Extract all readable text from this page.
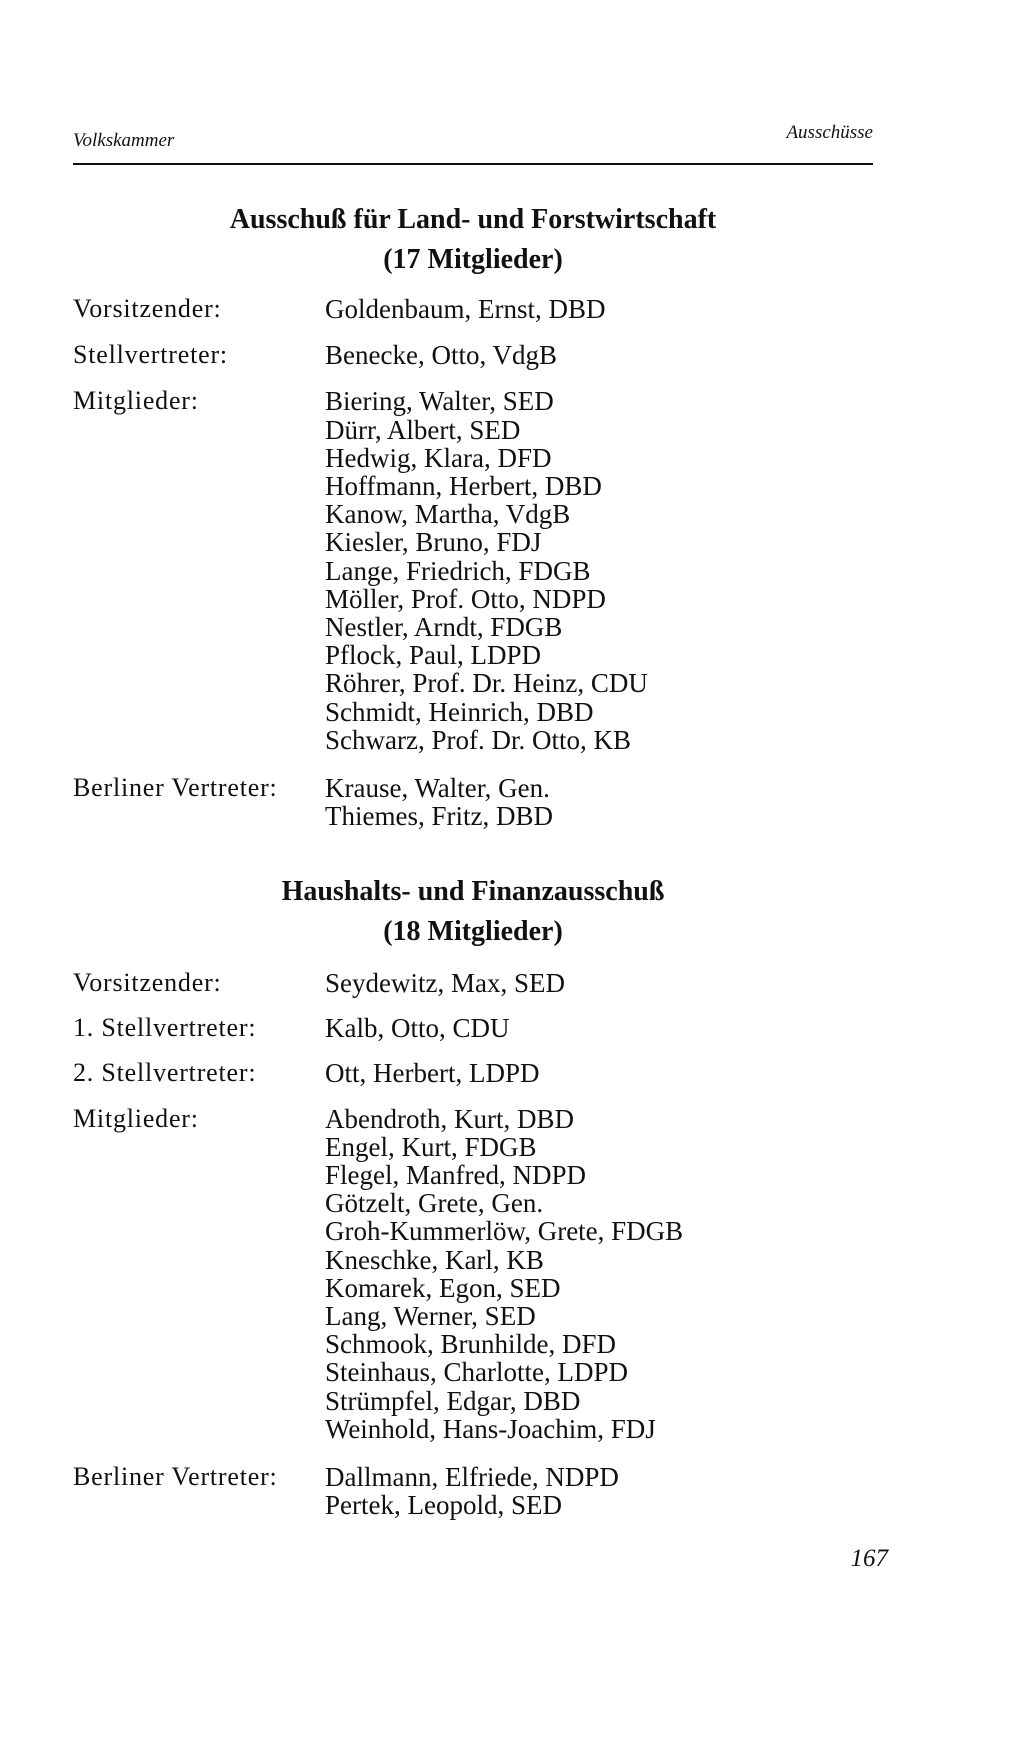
Volkskammer	Ausschüsse
Ausschuß für Land- und Forstwirtschaft
(17 Mitglieder)
Vorsitzender:	Goldenbaum, Ernst, DBD
Stellvertreter:	Benecke, Otto, VdgB
Mitglieder:	Biering, Walter, SED
Dürr, Albert, SED
Hedwig, Klara, DFD
Hoffmann, Herbert, DBD
Kanow, Martha, VdgB
Kiesler, Bruno, FDJ
Lange, Friedrich, FDGB
Möller, Prof. Otto, NDPD
Nestler, Arndt, FDGB
Pflock, Paul, LDPD
Röhrer, Prof. Dr. Heinz, CDU
Schmidt, Heinrich, DBD
Schwarz, Prof. Dr. Otto, KB
Berliner Vertreter: Krause, Walter, Gen.
Thiemes, Fritz, DBD
Haushalts- und Finanzausschuß
(18 Mitglieder)
Vorsitzender:	Seydewitz, Max, SED
1. Stellvertreter:	Kalb, Otto, CDU
2. Stellvertreter:	Ott, Herbert, LDPD
Mitglieder:	Abendroth, Kurt, DBD
Engel, Kurt, FDGB
Flegel, Manfred, NDPD
Götzelt, Grete, Gen.
Groh-Kummerlöw, Grete, FDGB
Kneschke, Karl, KB
Komarek, Egon, SED
Lang, Werner, SED
Schmook, Brunhilde, DFD
Steinhaus, Charlotte, LDPD
Strümpfel, Edgar, DBD
Weinhold, Hans-Joachim, FDJ
Berliner Vertreter: Dallmann, Elfriede, NDPD
Pertek, Leopold, SED
167
